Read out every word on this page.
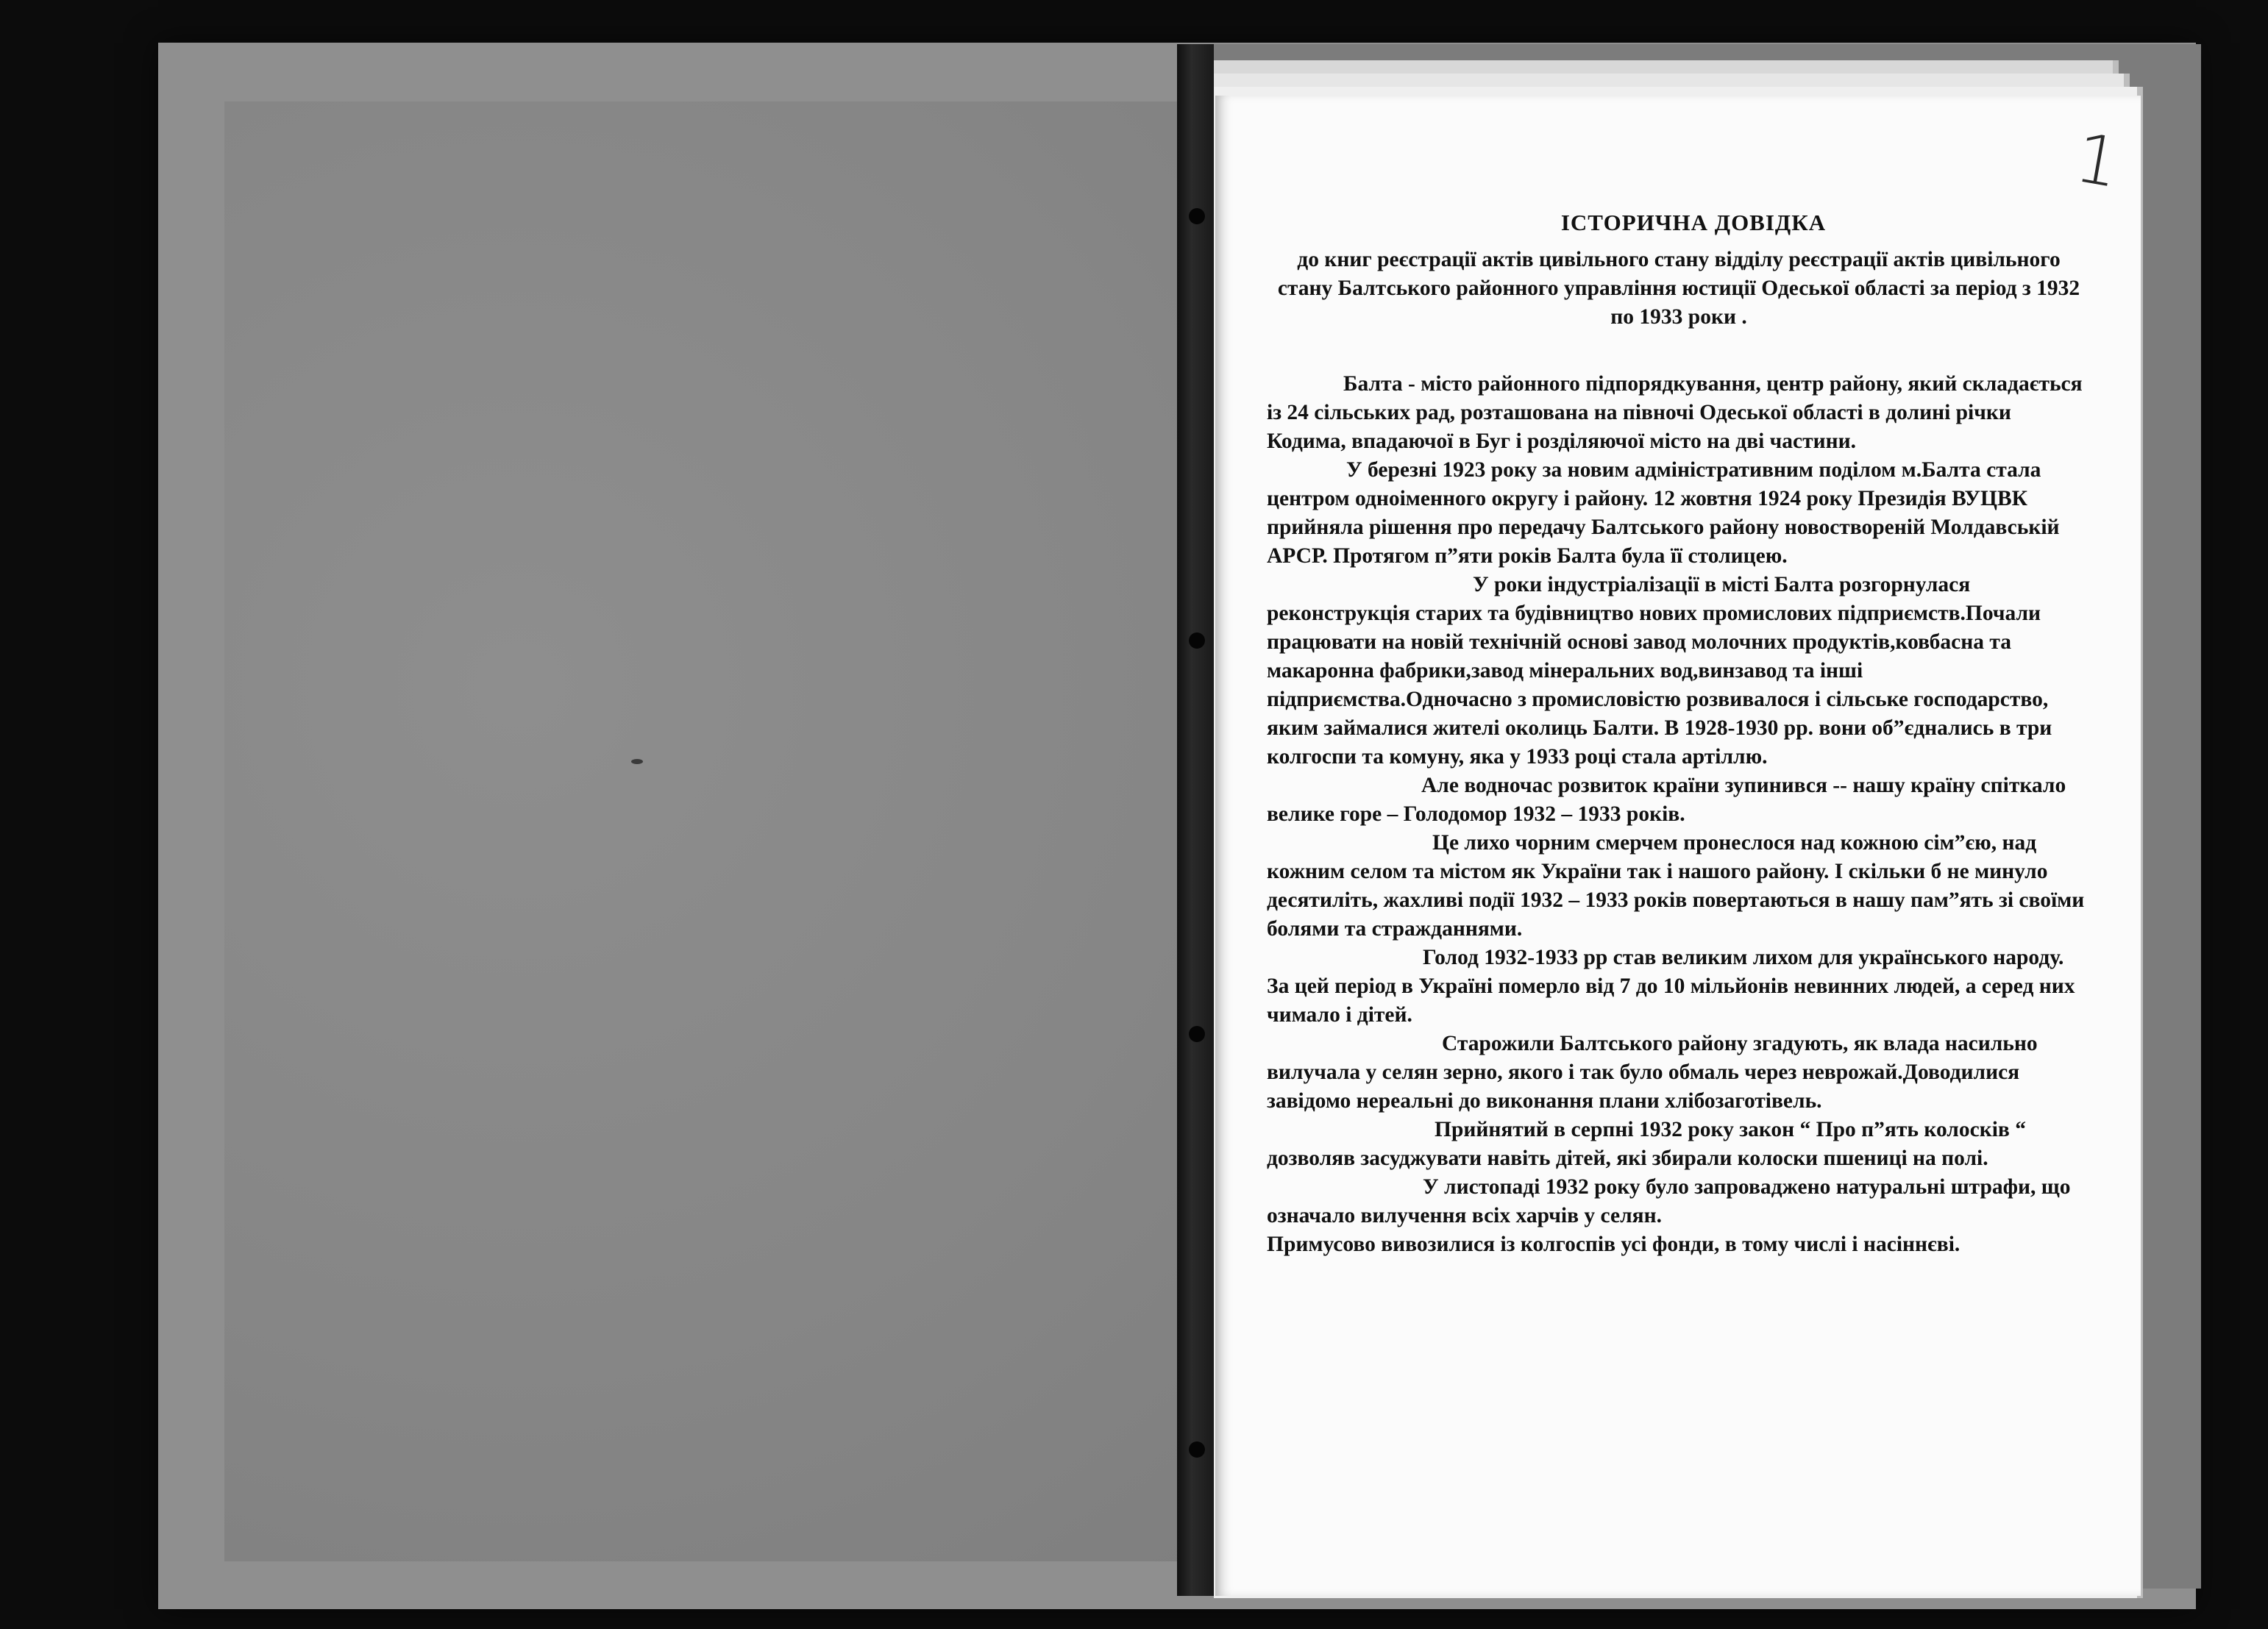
1
ІСТОРИЧНА ДОВІДКА
до книг реєстрації актів цивільного стану відділу реєстрації актів цивільного стану Балтського районного управління юстиції Одеської області за період з 1932 по 1933 роки .

Балта - місто районного підпорядкування, центр району, який складається із 24 сільських рад, розташована на півночі Одеської області в долині річки Кодима, впадаючої в Буг і розділяючої місто на дві частини.

У березні 1923 року за новим адміністративним поділом м.Балта стала центром одноіменного округу і району. 12 жовтня 1924 року Президія ВУЦВК прийняла рішення про передачу Балтського району новоствореній Молдавській АРСР. Протягом п”яти років Балта була її столицею.

У роки індустріалізації в місті Балта розгорнулася реконструкція старих та будівництво нових промислових підприємств.Почали працювати на новій технічній основі завод молочних продуктів,ковбасна та макаронна фабрики,завод мінеральних вод,винзавод та інші підприємства.Одночасно з промисловістю розвивалося і сільське господарство, яким займалися жителі околиць Балти. В 1928-1930 рр. вони об”єднались в три колгоспи та комуну, яка у 1933 році стала артіллю.

Але водночас розвиток країни зупинився -- нашу країну спіткало велике горе – Голодомор 1932 – 1933 років.

Це лихо чорним смерчем пронеслося над кожною сім”єю, над кожним селом та містом як України так і нашого району. І скільки б не минуло десятиліть, жахливі події 1932 – 1933 років повертаються в нашу пам”ять зі своїми болями та стражданнями.

Голод 1932-1933 рр став великим лихом для українського народу. За цей період в Україні померло від 7 до 10 мільйонів невинних людей, а серед них чимало і дітей.

Старожили Балтського району згадують, як влада насильно вилучала у селян зерно, якого і так було обмаль через неврожай.Доводилися завідомо нереальні до виконання плани хлібозаготівель.

Прийнятий в серпні 1932 року закон “ Про п”ять колосків “ дозволяв засуджувати навіть дітей, які збирали колоски пшениці на полі.

У листопаді 1932 року було запроваджено натуральні штрафи, що означало вилучення всіх харчів у селян.

Примусово вивозилися із колгоспів усі фонди, в тому числі і насіннєві.
